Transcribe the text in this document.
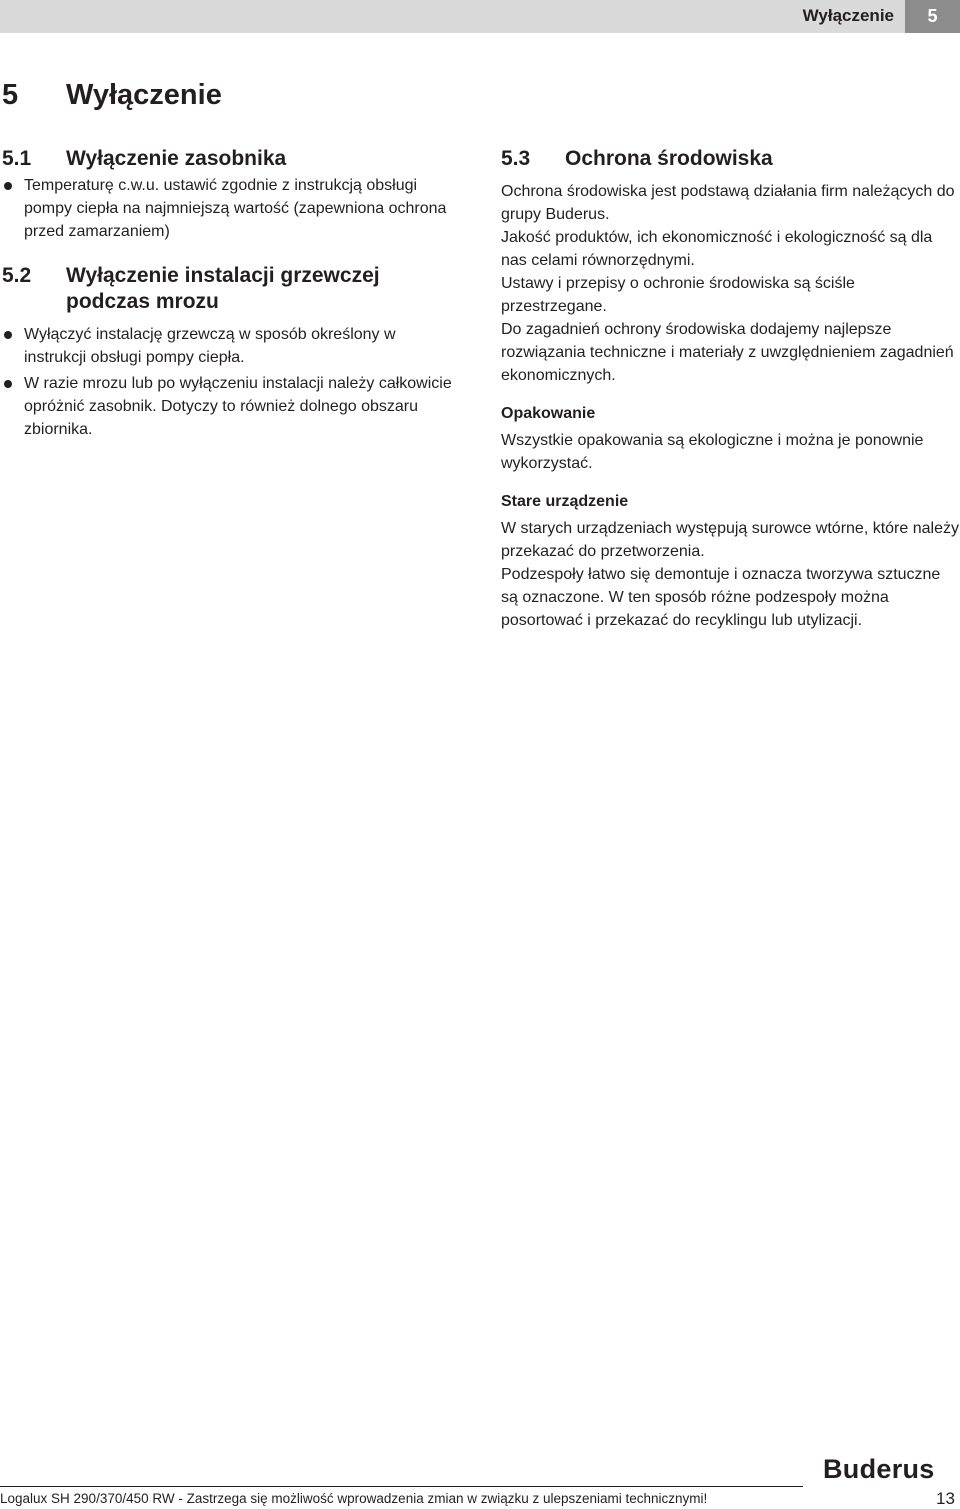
Wyłączenie	5
5 Wyłączenie
5.1	Wyłączenie zasobnika
Temperaturę c.w.u. ustawić zgodnie z instrukcją obsługi pompy ciepła na najmniejszą wartość (zapewniona ochrona przed zamarzaniem)
5.2	Wyłączenie instalacji grzewczej podczas mrozu
Wyłączyć instalację grzewczą w sposób określony w instrukcji obsługi pompy ciepła.
W razie mrozu lub po wyłączeniu instalacji należy całkowicie opróżnić zasobnik. Dotyczy to również dolnego obszaru zbiornika.
5.3	Ochrona środowiska

Ochrona środowiska jest podstawą działania firm należących do grupy Buderus.

Jakość produktów, ich ekonomiczność i ekologiczność są dla nas celami równorzędnymi.

Ustawy i przepisy o ochronie środowiska są ściśle przestrzegane.

Do zagadnień ochrony środowiska dodajemy najlepsze rozwiązania techniczne i materiały z uwzględnieniem zagadnień ekonomicznych.

Opakowanie

Wszystkie opakowania są ekologiczne i można je ponownie wykorzystać.

Stare urządzenie

W starych urządzeniach występują surowce wtórne, które należy przekazać do przetworzenia.

Podzespoły łatwo się demontuje i oznacza tworzywa sztuczne są oznaczone. W ten sposób różne podzespoły można posortować i przekazać do recyklingu lub utylizacji.

Logalux SH 290/370/450 RW - Zastrzega się możliwość wprowadzenia zmian w związku z ulepszeniami technicznymi!
Buderus
13
